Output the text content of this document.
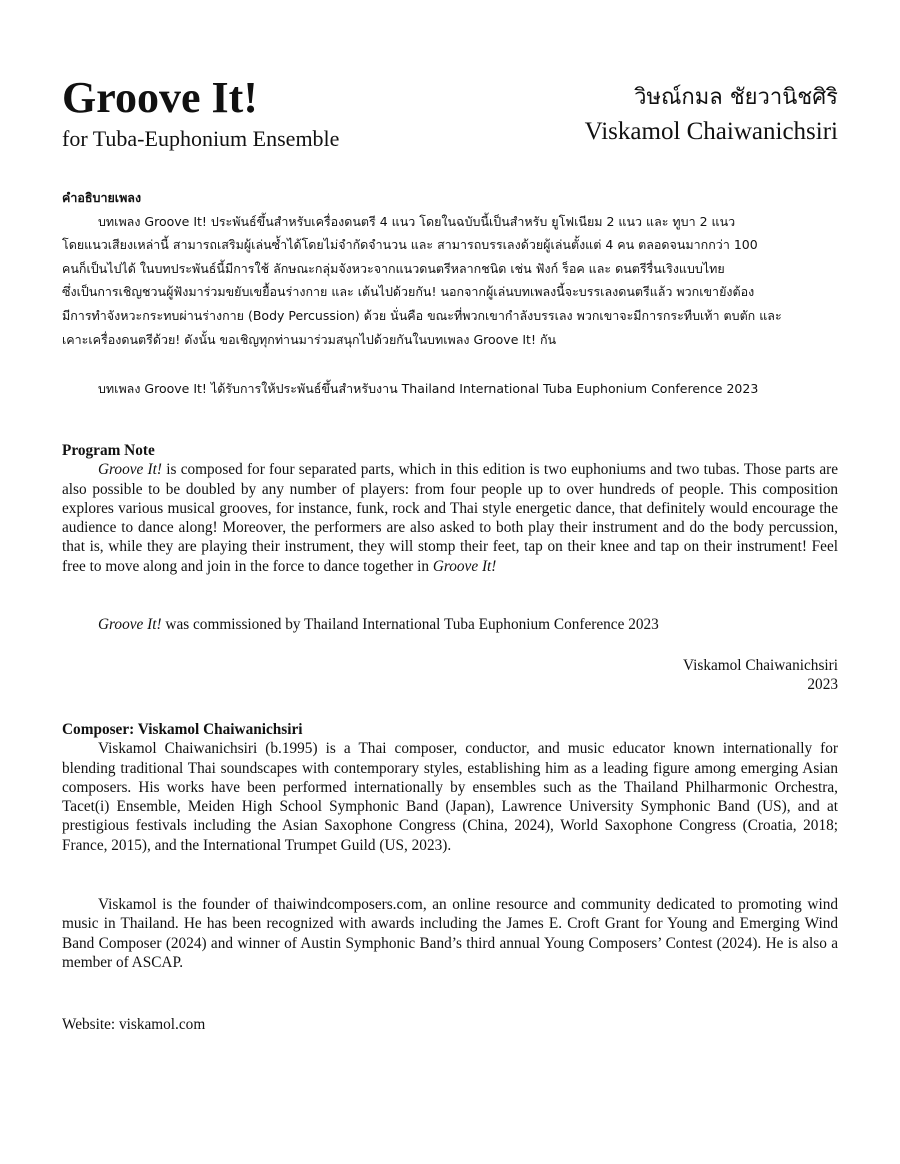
Groove It!
for Tuba-Euphonium Ensemble
วิษณ์กมล ชัยวานิชศิริ
Viskamol Chaiwanichsiri
คำอธิบายเพลง
บทเพลง Groove It! ประพันธ์ขึ้นสำหรับเครื่องดนตรี 4 แนว โดยในฉบับนี้เป็นสำหรับ ยูโฟเนียม 2 แนว และ ทูบา 2 แนว
โดยแนวเสียงเหล่านี้ สามารถเสริมผู้เล่นซ้ำได้โดยไม่จำกัดจำนวน และ สามารถบรรเลงด้วยผู้เล่นตั้งแต่ 4 คน ตลอดจนมากกว่า 100
คนก็เป็นไปได้ ในบทประพันธ์นี้มีการใช้ ลักษณะกลุ่มจังหวะจากแนวดนตรีหลากชนิด เช่น ฟังก์ ร็อค และ ดนตรีรื่นเริงแบบไทย
ซึ่งเป็นการเชิญชวนผู้ฟังมาร่วมขยับเขยื้อนร่างกาย และ เต้นไปด้วยกัน! นอกจากผู้เล่นบทเพลงนี้จะบรรเลงดนตรีแล้ว พวกเขายังต้อง
มีการทำจังหวะกระทบผ่านร่างกาย (Body Percussion) ด้วย นั่นคือ ขณะที่พวกเขากำลังบรรเลง พวกเขาจะมีการกระทืบเท้า ตบตัก และ
เคาะเครื่องดนตรีด้วย! ดังนั้น ขอเชิญทุกท่านมาร่วมสนุกไปด้วยกันในบทเพลง Groove It! กัน
บทเพลง Groove It! ได้รับการให้ประพันธ์ขึ้นสำหรับงาน Thailand International Tuba Euphonium Conference 2023
Program Note

Groove It! is composed for four separated parts, which in this edition is two euphoniums and two tubas. Those parts are also possible to be doubled by any number of players: from four people up to over hundreds of people. This composition explores various musical grooves, for instance, funk, rock and Thai style energetic dance, that definitely would encourage the audience to dance along! Moreover, the performers are also asked to both play their instrument and do the body percussion, that is, while they are playing their instrument, they will stomp their feet, tap on their knee and tap on their instrument! Feel free to move along and join in the force to dance together in Groove It!

Groove It! was commissioned by Thailand International Tuba Euphonium Conference 2023

Viskamol Chaiwanichsiri
2023
Composer: Viskamol Chaiwanichsiri

Viskamol Chaiwanichsiri (b.1995) is a Thai composer, conductor, and music educator known internationally for blending traditional Thai soundscapes with contemporary styles, establishing him as a leading figure among emerging Asian composers. His works have been performed internationally by ensembles such as the Thailand Philharmonic Orchestra, Tacet(i) Ensemble, Meiden High School Symphonic Band (Japan), Lawrence University Symphonic Band (US), and at prestigious festivals including the Asian Saxophone Congress (China, 2024), World Saxophone Congress (Croatia, 2018; France, 2015), and the International Trumpet Guild (US, 2023).

Viskamol is the founder of thaiwindcomposers.com, an online resource and community dedicated to promoting wind music in Thailand. He has been recognized with awards including the James E. Croft Grant for Young and Emerging Wind Band Composer (2024) and winner of Austin Symphonic Band’s third annual Young Composers’ Contest (2024). He is also a member of ASCAP.

Website: viskamol.com
